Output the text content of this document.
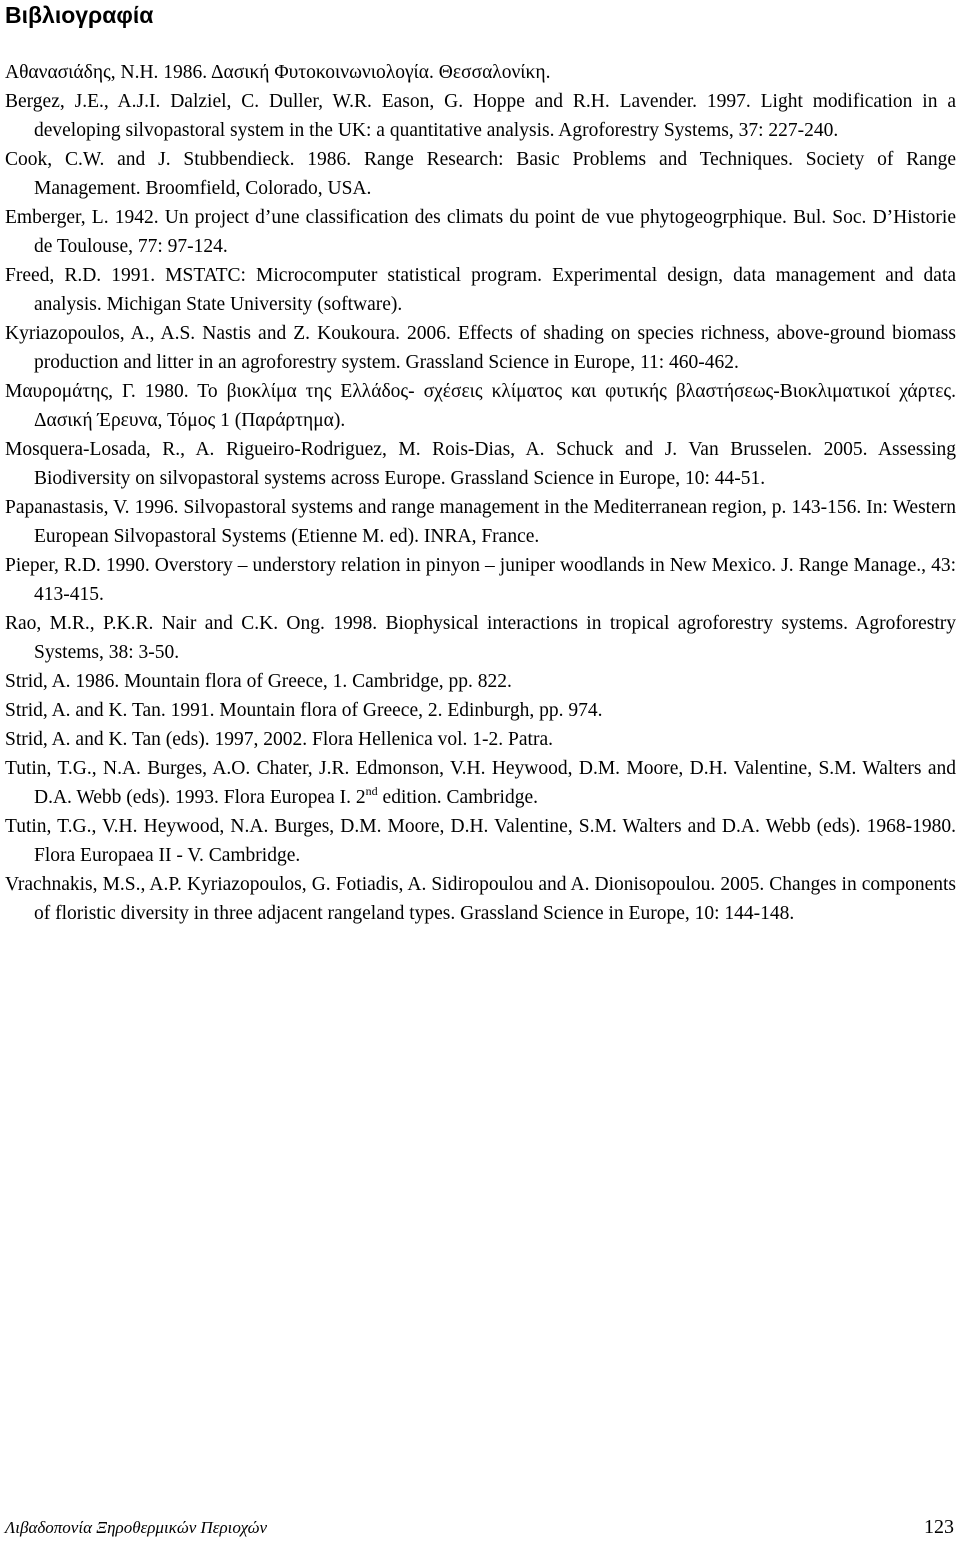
Βιβλιογραφία

Αθανασιάδης, Ν.Η. 1986. Δασική Φυτοκοινωνιολογία. Θεσσαλονίκη.

Bergez, J.E., A.J.I. Dalziel, C. Duller, W.R. Eason, G. Hoppe and R.H. Lavender. 1997. Light modification in a developing silvopastoral system in the UK: a quantitative analysis. Agroforestry Systems, 37: 227-240.

Cook, C.W. and J. Stubbendieck. 1986. Range Research: Basic Problems and Techniques. Society of Range Management. Broomfield, Colorado, USA.

Emberger, L. 1942. Un project d’une classification des climats du point de vue phytogeogrphique. Bul. Soc. D’Historie de Toulouse, 77: 97-124.

Freed, R.D. 1991. MSTATC: Microcomputer statistical program. Experimental design, data management and data analysis. Michigan State University (software).

Kyriazopoulos, A., A.S. Nastis and Z. Koukoura. 2006. Effects of shading on species richness, above-ground biomass production and litter in an agroforestry system. Grassland Science in Europe, 11: 460-462.

Μαυρομάτης, Γ. 1980. Το βιοκλίμα της Ελλάδος- σχέσεις κλίματος και φυτικής βλαστήσεως-Βιοκλιματικοί χάρτες. Δασική Έρευνα, Τόμος 1 (Παράρτημα).

Mosquera-Losada, R., A. Rigueiro-Rodriguez, M. Rois-Dias, A. Schuck and J. Van Brusselen. 2005. Assessing Biodiversity on silvopastoral systems across Europe. Grassland Science in Europe, 10: 44-51.

Papanastasis, V. 1996. Silvopastoral systems and range management in the Mediterranean region, p. 143-156. In: Western European Silvopastoral Systems (Etienne M. ed). INRA, France.

Pieper, R.D. 1990. Overstory – understory relation in pinyon – juniper woodlands in New Mexico. J. Range Manage., 43: 413-415.

Rao, M.R., P.K.R. Nair and C.K. Ong. 1998. Biophysical interactions in tropical agroforestry systems. Agroforestry Systems, 38: 3-50.

Strid, A. 1986. Mountain flora of Greece, 1. Cambridge, pp. 822.

Strid, A. and K. Tan. 1991. Mountain flora of Greece, 2. Edinburgh, pp. 974.

Strid, A. and K. Tan (eds). 1997, 2002. Flora Hellenica vol. 1-2. Patra.

Tutin, T.G., N.A. Burges, A.O. Chater, J.R. Edmonson, V.H. Heywood, D.M. Moore, D.H. Valentine, S.M. Walters and D.A. Webb (eds). 1993. Flora Europea I. 2nd edition. Cambridge.

Tutin, T.G., V.H. Heywood, N.A. Burges, D.M. Moore, D.H. Valentine, S.M. Walters and D.A. Webb (eds). 1968-1980. Flora Europaea II - V. Cambridge.

Vrachnakis, M.S., A.P. Kyriazopoulos, G. Fotiadis, A. Sidiropoulou and A. Dionisopoulou. 2005. Changes in components of floristic diversity in three adjacent rangeland types. Grassland Science in Europe, 10: 144-148.

Λιβαδοπονία Ξηροθερμικών Περιοχών	123
